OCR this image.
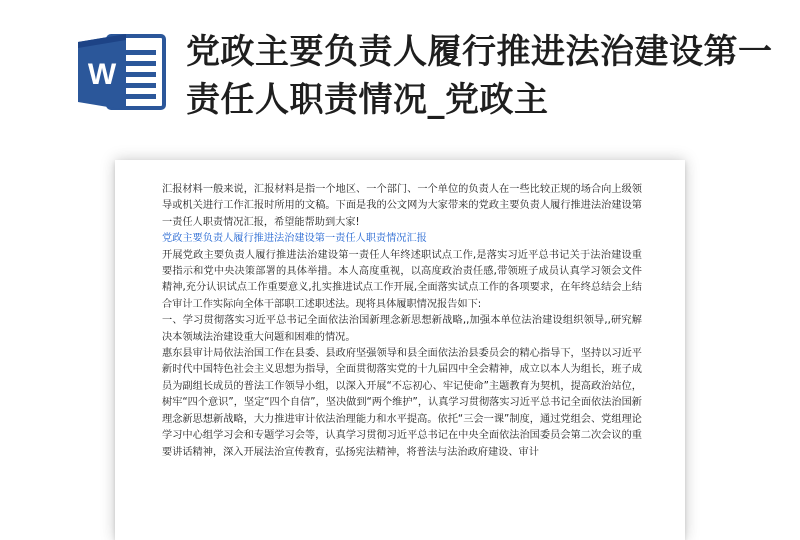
W
党政主要负责人履行推进法治建设第一责任人职责情况_党政主

汇报材料一般来说，汇报材料是指一个地区、一个部门、一个单位的负责人在一些比较正规的场合向上级领导或机关进行工作汇报时所用的文稿。下面是我的公文网为大家带来的党政主要负责人履行推进法治建设第一责任人职责情况汇报，希望能帮助到大家!

党政主要负责人履行推进法治建设第一责任人职责情况汇报

开展党政主要负责人履行推进法治建设第一责任人年终述职试点工作,是落实习近平总书记关于法治建设重要指示和党中央决策部署的具体举措。本人高度重视，以高度政治责任感,带领班子成员认真学习领会文件精神,充分认识试点工作重要意义,扎实推进试点工作开展,全面落实试点工作的各项要求，在年终总结会上结合审计工作实际向全体干部职工述职述法。现将具体履职情况报告如下:

一、学习贯彻落实习近平总书记全面依法治国新理念新思想新战略,,加强本单位法治建设组织领导,,研究解决本领域法治建设重大问题和困难的情况。

惠东县审计局依法治国工作在县委、县政府坚强领导和县全面依法治县委员会的精心指导下，坚持以习近平新时代中国特色社会主义思想为指导，全面贯彻落实党的十九届四中全会精神，成立以本人为组长，班子成员为副组长成员的普法工作领导小组，以深入开展“不忘初心、牢记使命”主题教育为契机，提高政治站位，树牢“四个意识”，坚定“四个自信”，坚决做到“两个维护”，认真学习贯彻落实习近平总书记全面依法治国新理念新思想新战略，大力推进审计依法治理能力和水平提高。依托“三会一课”制度，通过党组会、党组理论学习中心组学习会和专题学习会等，认真学习贯彻习近平总书记在中央全面依法治国委员会第二次会议的重要讲话精神，深入开展法治宣传教育，弘扬宪法精神，将普法与法治政府建设、审计
